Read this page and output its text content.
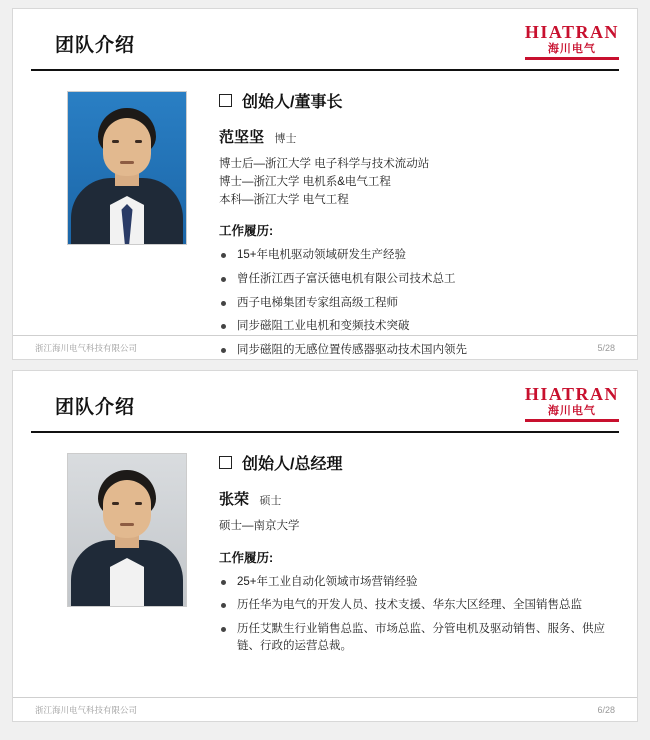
团队介绍
HIATRAN
海川电气
创始人/董事长
范坚坚 博士
博士后—浙江大学 电子科学与技术流动站
博士—浙江大学 电机系&电气工程
本科—浙江大学 电气工程
工作履历:
15+年电机驱动领域研发生产经验
曾任浙江西子富沃德电机有限公司技术总工
西子电梯集团专家组高级工程师
同步磁阻工业电机和变频技术突破
同步磁阻的无感位置传感器驱动技术国内领先
浙江海川电气科技有限公司	5/28
团队介绍
HIATRAN
海川电气
创始人/总经理
张荣 硕士
硕士—南京大学
工作履历:
25+年工业自动化领域市场营销经验
历任华为电气的开发人员、技术支援、华东大区经理、全国销售总监
历任艾默生行业销售总监、市场总监、分管电机及驱动销售、服务、供应链、行政的运营总裁。
浙江海川电气科技有限公司	6/28
